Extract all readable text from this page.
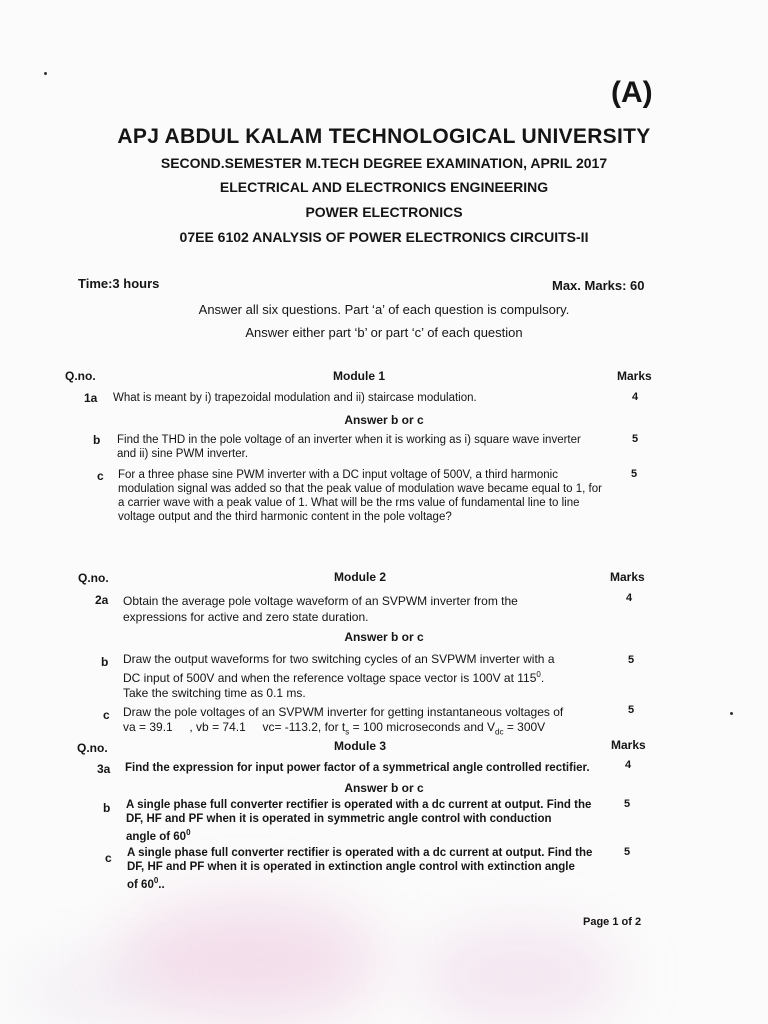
(A)
APJ ABDUL KALAM TECHNOLOGICAL UNIVERSITY
SECOND.SEMESTER M.TECH DEGREE EXAMINATION, APRIL 2017
ELECTRICAL AND ELECTRONICS ENGINEERING
POWER ELECTRONICS
07EE 6102 ANALYSIS OF POWER ELECTRONICS CIRCUITS-II
Time:3 hours	Max. Marks: 60
Answer all six questions. Part ‘a’ of each question is compulsory.
Answer either part ‘b’ or part ‘c’ of each question
Q.no.	Module 1	Marks
1a What is meant by i) trapezoidal modulation and ii) staircase modulation.	4
Answer b or c
b Find the THD in the pole voltage of an inverter when it is working as i) square wave inverter and ii) sine PWM inverter.
5
c For a three phase sine PWM inverter with a DC input voltage of 500V, a third harmonic modulation signal was added so that the peak value of modulation wave became equal to 1, for a carrier wave with a peak value of 1. What will be the rms value of fundamental line to line voltage output and the third harmonic content in the pole voltage?
5
Q.no.	Module 2	Marks
2a Obtain the average pole voltage waveform of an SVPWM inverter from the expressions for active and zero state duration.
4
Answer b or c
b Draw the output waveforms for two switching cycles of an SVPWM inverter with a
DC input of 500V and when the reference voltage space vector is 100V at $115^0$.
Take the switching time as 0.1 ms.
5
c Draw the pole voltages of an SVPWM inverter for getting instantaneous voltages of
va = 39.1 , vb = 74.1 vc= -113.2, for $t_s = 100$ microseconds and $V_{dc} = 300V$
5
Q.no.	Module 3	Marks
3a Find the expression for input power factor of a symmetrical angle controlled rectifier.	4
Answer b or c
b A single phase full converter rectifier is operated with a dc current at output. Find the
DF, HF and PF when it is operated in symmetric angle control with conduction
angle of $60^0$
5
c A single phase full converter rectifier is operated with a dc current at output. Find the
DF, HF and PF when it is operated in extinction angle control with extinction angle
of $60^0$..
5
Page 1 of 2
